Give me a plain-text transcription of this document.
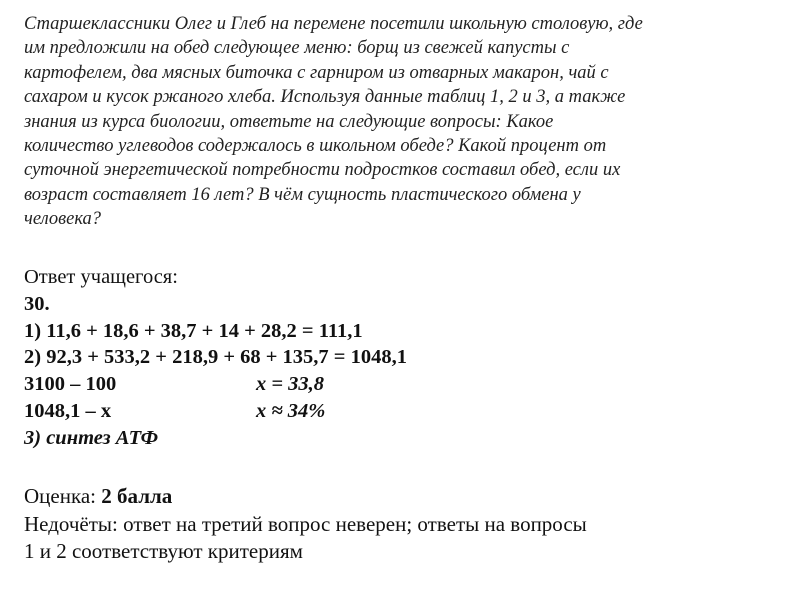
Старшеклассники Олег и Глеб на перемене посетили школьную столовую, где
им предложили на обед следующее меню: борщ из свежей капусты с
картофелем, два мясных биточка с гарниром из отварных макарон, чай с
сахаром и кусок ржаного хлеба. Используя данные таблиц 1, 2 и 3, а также
знания из курса биологии, ответьте на следующие вопросы: Какое
количество углеводов содержалось в школьном обеде? Какой процент от
суточной энергетической потребности подростков составил обед, если их
возраст составляет 16 лет? В чём сущность пластического обмена у
человека?
Ответ учащегося:
30.
1) 11,6 + 18,6 + 38,7 + 14 + 28,2 = 111,1
2) 92,3 + 533,2 + 218,9 + 68 + 135,7 = 1048,1
3100 – 100	x = 33,8
1048,1 – x	x ≈ 34%
3) синтез АТФ
Оценка: 2 балла
Недочёты: ответ на третий вопрос неверен; ответы на вопросы
1 и 2 соответствуют критериям
